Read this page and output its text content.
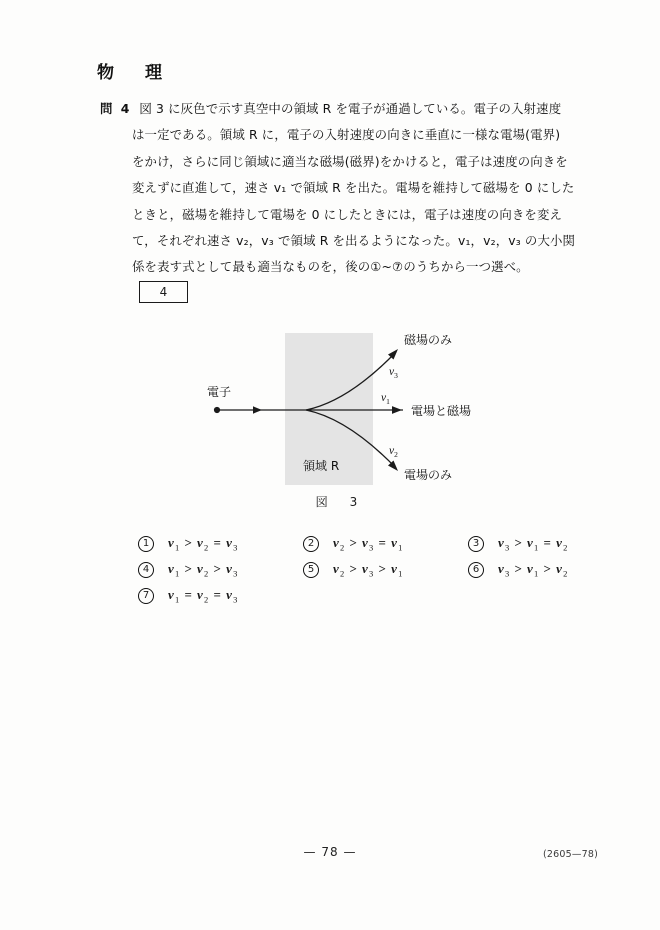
物　理
問 4 図 3 に灰色で示す真空中の領域 R を電子が通過している。電子の入射速度
は一定である。領域 R に，電子の入射速度の向きに垂直に一様な電場(電界)
をかけ，さらに同じ領域に適当な磁場(磁界)をかけると，電子は速度の向きを
変えずに直進して，速さ v₁ で領域 R を出た。電場を維持して磁場を 0 にした
ときと，磁場を維持して電場を 0 にしたときには，電子は速度の向きを変え
て，それぞれ速さ v₂，v₃ で領域 R を出るようになった。v₁，v₂，v₃ の大小関
係を表す式として最も適当なものを，後の①~⑦のうちから一つ選べ。
4
電子
領域 R
$v_3$
磁場のみ
$v_1$
電場と磁場
$v_2$
電場のみ
図　3
1	$v_1 > v_2 = v_3$	2	$v_2 > v_3 = v_1$	3	$v_3 > v_1 = v_2$
4	$v_1 > v_2 > v_3$	5	$v_2 > v_3 > v_1$	6	$v_3 > v_1 > v_2$
7	$v_1 = v_2 = v_3$
— 78 —	(2605—78)
